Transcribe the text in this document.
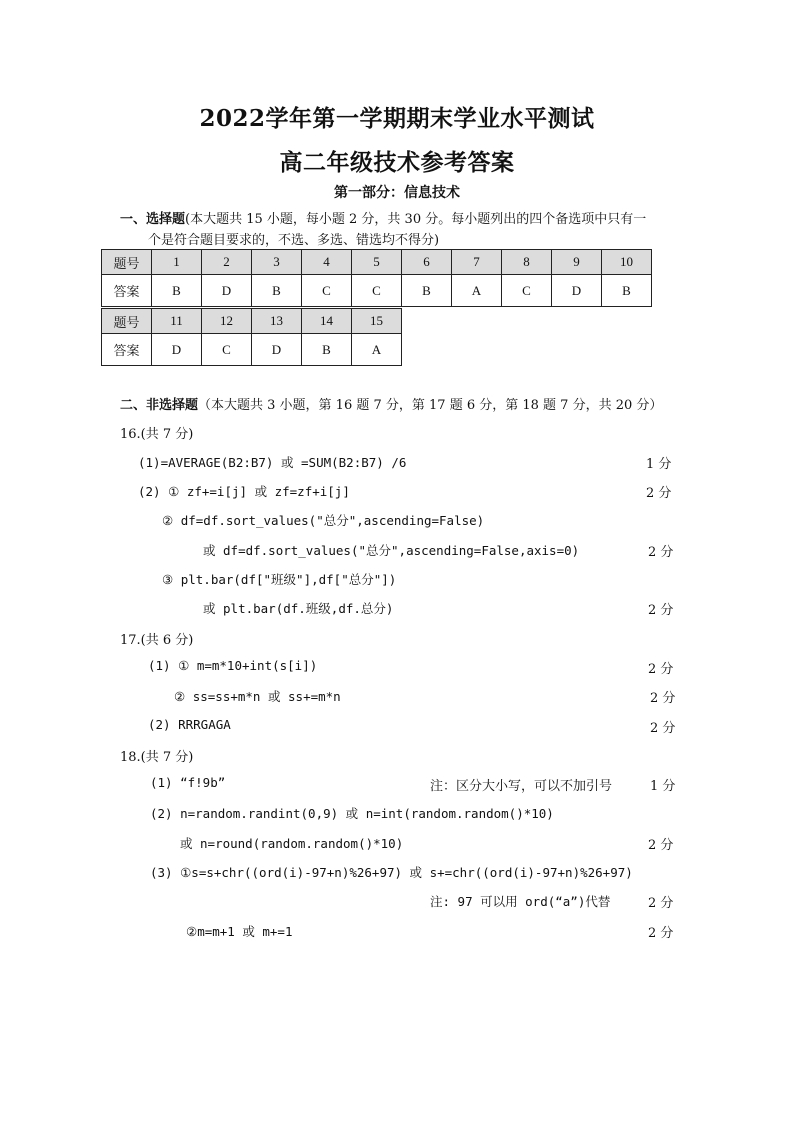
2022学年第一学期期末学业水平测试
高二年级技术参考答案
第一部分：信息技术
一、选择题(本大题共 15 小题，每小题 2 分，共 30 分。每小题列出的四个备选项中只有一
个是符合题目要求的，不选、多选、错选均不得分)
题号	1	2	3	4	5	6	7	8	9	10
答案	B	D	B	C	C	B	A	C	D	B
题号	11	12	13	14	15
答案	D	C	D	B	A
二、非选择题（本大题共 3 小题，第 16 题 7 分，第 17 题 6 分，第 18 题 7 分，共 20 分）
16.(共 7 分)
(1)=AVERAGE(B2:B7) 或 =SUM(B2:B7) /6	1 分
(2) ① zf+=i[j] 或 zf=zf+i[j]	2 分
② df=df.sort_values("总分",ascending=False)
或 df=df.sort_values("总分",ascending=False,axis=0)	2 分
③ plt.bar(df["班级"],df["总分"])
或 plt.bar(df.班级,df.总分)	2 分
17.(共 6 分)
(1) ① m=m*10+int(s[i])	2 分
② ss=ss+m*n 或 ss+=m*n	2 分
(2) RRRGAGA	2 分
18.(共 7 分)
(1) “f!9b”	注：区分大小写，可以不加引号	1 分
(2) n=random.randint(0,9) 或 n=int(random.random()*10)
或 n=round(random.random()*10)	2 分
(3) ①s=s+chr((ord(i)-97+n)%26+97) 或 s+=chr((ord(i)-97+n)%26+97)
注: 97 可以用 ord(“a”)代替	2 分
②m=m+1 或 m+=1	2 分
